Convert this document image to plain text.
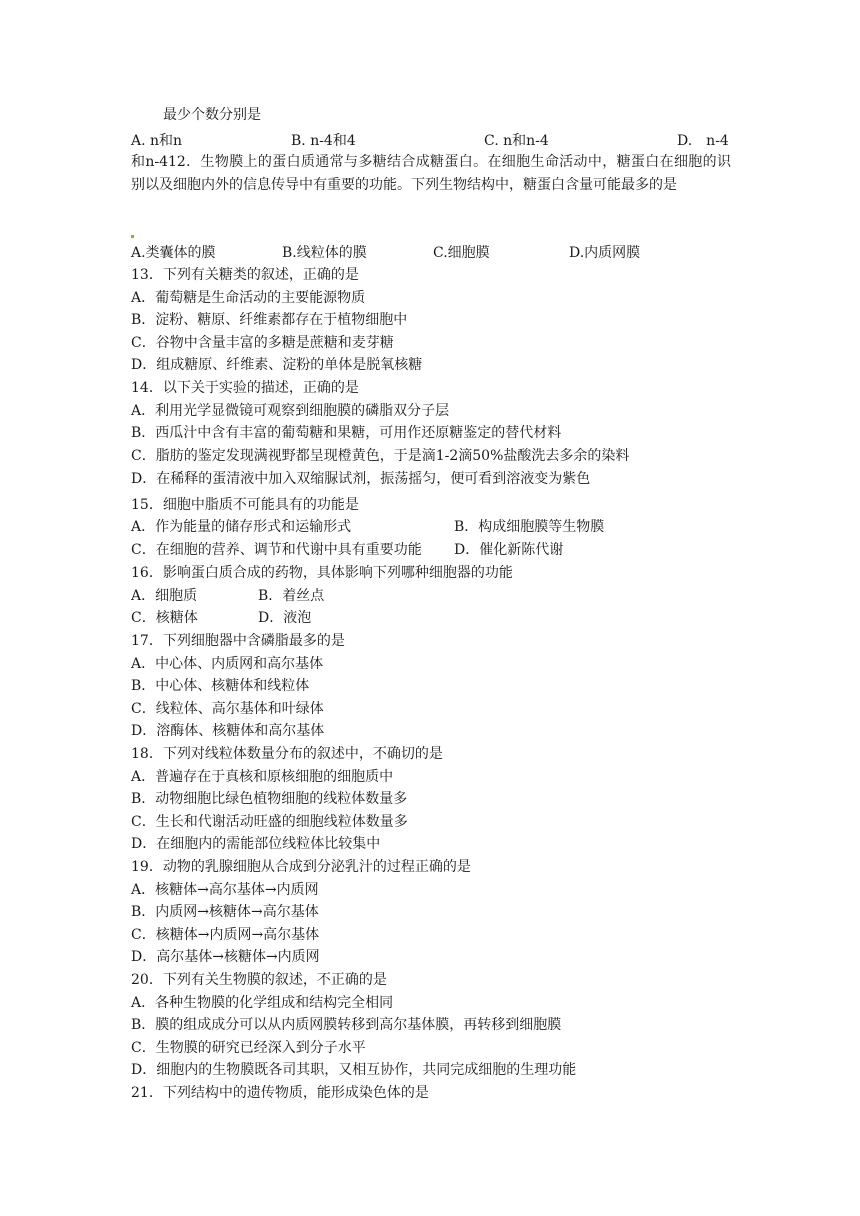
最少个数分别是
A. n和n	B. n-4和4	C. n和n-4	D.　n-4
和n-412．生物膜上的蛋白质通常与多糖结合成糖蛋白。在细胞生命活动中，糖蛋白在细胞的识别以及细胞内外的信息传导中有重要的功能。下列生物结构中，糖蛋白含量可能最多的是
A.类囊体的膜	B.线粒体的膜	C.细胞膜	D.内质网膜
13．下列有关糖类的叙述，正确的是
A．葡萄糖是生命活动的主要能源物质
B．淀粉、糖原、纤维素都存在于植物细胞中
C．谷物中含量丰富的多糖是蔗糖和麦芽糖
D．组成糖原、纤维素、淀粉的单体是脱氧核糖
14．以下关于实验的描述，正确的是
A．利用光学显微镜可观察到细胞膜的磷脂双分子层
B．西瓜汁中含有丰富的葡萄糖和果糖，可用作还原糖鉴定的替代材料
C．脂肪的鉴定发现满视野都呈现橙黄色，于是滴1-2滴50%盐酸洗去多余的染料
D．在稀释的蛋清液中加入双缩脲试剂，振荡摇匀，便可看到溶液变为紫色
15．细胞中脂质不可能具有的功能是
A．作为能量的储存形式和运输形式	B．构成细胞膜等生物膜
C．在细胞的营养、调节和代谢中具有重要功能 D．催化新陈代谢
16．影响蛋白质合成的药物，具体影响下列哪种细胞器的功能
A．细胞质	B．着丝点
C．核糖体	D．液泡
17．下列细胞器中含磷脂最多的是
A．中心体、内质网和高尔基体
B．中心体、核糖体和线粒体
C．线粒体、高尔基体和叶绿体
D．溶酶体、核糖体和高尔基体
18．下列对线粒体数量分布的叙述中，不确切的是
A．普遍存在于真核和原核细胞的细胞质中
B．动物细胞比绿色植物细胞的线粒体数量多
C．生长和代谢活动旺盛的细胞线粒体数量多
D．在细胞内的需能部位线粒体比较集中
19．动物的乳腺细胞从合成到分泌乳汁的过程正确的是
A．核糖体→高尔基体→内质网
B．内质网→核糖体→高尔基体
C．核糖体→内质网→高尔基体
D．高尔基体→核糖体→内质网
20．下列有关生物膜的叙述，不正确的是
A．各种生物膜的化学组成和结构完全相同
B．膜的组成成分可以从内质网膜转移到高尔基体膜，再转移到细胞膜
C．生物膜的研究已经深入到分子水平
D．细胞内的生物膜既各司其职，又相互协作，共同完成细胞的生理功能
21．下列结构中的遗传物质，能形成染色体的是
